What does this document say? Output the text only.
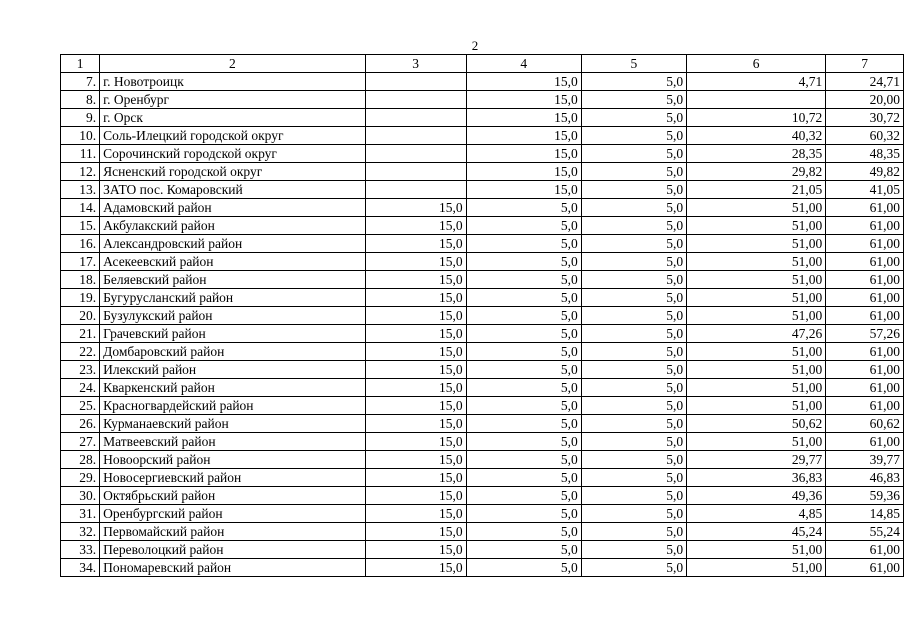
2
1	2	3	4	5	6	7
7.	г. Новотроицк		15,0	5,0	4,71	24,71
8.	г. Оренбург		15,0	5,0		20,00
9.	г. Орск		15,0	5,0	10,72	30,72
10.	Соль-Илецкий городской округ		15,0	5,0	40,32	60,32
11.	Сорочинский городской округ		15,0	5,0	28,35	48,35
12.	Ясненский городской округ		15,0	5,0	29,82	49,82
13.	ЗАТО пос. Комаровский		15,0	5,0	21,05	41,05
14.	Адамовский район	15,0	5,0	5,0	51,00	61,00
15.	Акбулакский район	15,0	5,0	5,0	51,00	61,00
16.	Александровский район	15,0	5,0	5,0	51,00	61,00
17.	Асекеевский район	15,0	5,0	5,0	51,00	61,00
18.	Беляевский район	15,0	5,0	5,0	51,00	61,00
19.	Бугурусланский район	15,0	5,0	5,0	51,00	61,00
20.	Бузулукский район	15,0	5,0	5,0	51,00	61,00
21.	Грачевский район	15,0	5,0	5,0	47,26	57,26
22.	Домбаровский район	15,0	5,0	5,0	51,00	61,00
23.	Илекский район	15,0	5,0	5,0	51,00	61,00
24.	Кваркенский район	15,0	5,0	5,0	51,00	61,00
25.	Красногвардейский район	15,0	5,0	5,0	51,00	61,00
26.	Курманаевский район	15,0	5,0	5,0	50,62	60,62
27.	Матвеевский район	15,0	5,0	5,0	51,00	61,00
28.	Новоорский район	15,0	5,0	5,0	29,77	39,77
29.	Новосергиевский район	15,0	5,0	5,0	36,83	46,83
30.	Октябрьский район	15,0	5,0	5,0	49,36	59,36
31.	Оренбургский район	15,0	5,0	5,0	4,85	14,85
32.	Первомайский район	15,0	5,0	5,0	45,24	55,24
33.	Переволоцкий район	15,0	5,0	5,0	51,00	61,00
34.	Пономаревский район	15,0	5,0	5,0	51,00	61,00
